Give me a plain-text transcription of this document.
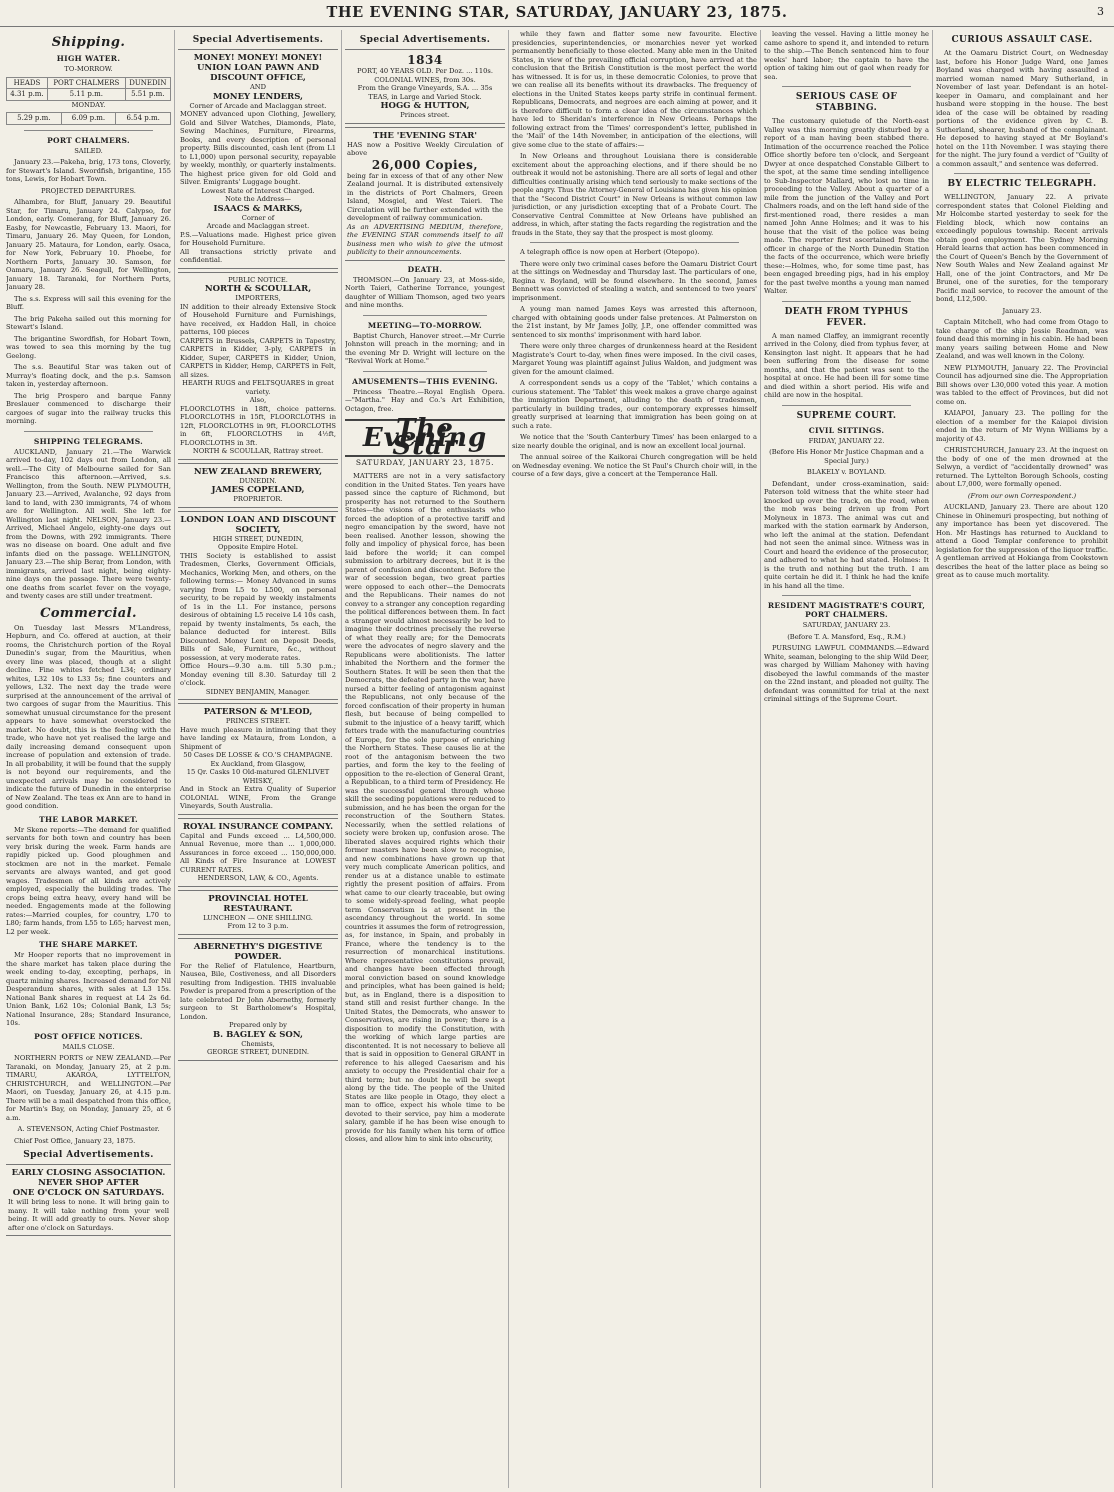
THE EVENING STAR, SATURDAY, JANUARY 23, 1875.	3
Shipping.
HIGH WATER.

TO-MORROW.

HEADS	PORT CHALMERS	DUNEDIN
4.31 p.m.	5.11 p.m.	5.51 p.m.

MONDAY.

5.29 p.m.	6.09 p.m.	6.54 p.m.
PORT CHALMERS.

SAILED.

January 23.—Pakeha, brig, 173 tons, Cloverly, for Stewart's Island. Swordfish, brigantine, 155 tons, Lewis, for Hobart Town.

PROJECTED DEPARTURES.

Alhambra, for Bluff, January 29. Beautiful Star, for Timaru, January 24. Calypso, for London, early. Comerang, for Bluff, January 26. Easby, for Newcastle, February 13. Maori, for Timaru, January 26. May Queen, for London, January 25. Mataura, for London, early. Osaca, for New York, February 10. Phoebe, for Northern Ports, January 30. Samson, for Oamaru, January 26. Seagull, for Wellington, January 18. Taranaki, for Northern Ports, January 28.

The s.s. Express will sail this evening for the Bluff.

The brig Pakeha sailed out this morning for Stewart's Island.

The brigantine Swordfish, for Hobart Town, was towed to sea this morning by the tug Geelong.

The s.s. Beautiful Star was taken out of Murray's floating dock, and the p.s. Samson taken in, yesterday afternoon.

The brig Prospero and barque Fanny Breslauer commenced to discharge their cargoes of sugar into the railway trucks this morning.

SHIPPING TELEGRAMS.

AUCKLAND, January 21.—The Warwick arrived to-day, 102 days out from London, all well.—The City of Melbourne sailed for San Francisco this afternoon.—Arrived, s.s. Wellington, from the South. NEW PLYMOUTH, January 23.—Arrived, Avalanche, 92 days from land to land, with 230 immigrants, 74 of whom are for Wellington. All well. She left for Wellington last night. NELSON, January 23.—Arrived, Michael Angelo, eighty-one days out from the Downs, with 292 immigrants. There was no disease on board. One adult and five infants died on the passage. WELLINGTON, January 23.—The ship Berar, from London, with immigrants, arrived last night, being eighty-nine days on the passage. There were twenty-one deaths from scarlet fever on the voyage, and twenty cases are still under treatment.

Commercial.

On Tuesday last Messrs M'Landress, Hepburn, and Co. offered at auction, at their rooms, the Christchurch portion of the Royal Dunedin's sugar, from the Mauritius, when every line was placed, though at a slight decline. Fine whites fetched L34; ordinary whites, L32 10s to L33 5s; fine counters and yellows, L32. The next day the trade were surprised at the announcement of the arrival of two cargoes of sugar from the Mauritius. This somewhat unusual circumstance for the present appears to have somewhat overstocked the market. No doubt, this is the feeling with the trade, who have not yet realised the large and daily increasing demand consequent upon increase of population and extension of trade. In all probability, it will be found that the supply is not beyond our requirements, and the unexpected arrivals may be considered to indicate the future of Dunedin in the enterprise of New Zealand. The teas ex Ann are to hand in good condition.

THE LABOR MARKET.

Mr Skene reports:—The demand for qualified servants for both town and country has been very brisk during the week. Farm hands are rapidly picked up. Good ploughmen and stockmen are not in the market. Female servants are always wanted, and get good wages. Tradesmen of all kinds are actively employed, especially the building trades. The crops being extra heavy, every hand will be needed. Engagements made at the following rates:—Married couples, for country, L70 to L80; farm hands, from L55 to L65; harvest men, L2 per week.

THE SHARE MARKET.

Mr Hooper reports that no improvement in the share market has taken place during the week ending to-day, excepting, perhaps, in quartz mining shares. Increased demand for Nil Desperandum shares, with sales at L3 15s. National Bank shares in request at L4 2s 6d. Union Bank, L62 10s; Colonial Bank, L3 5s; National Insurance, 28s; Standard Insurance, 10s.

POST OFFICE NOTICES.

MAILS CLOSE.

NORTHERN PORTS or NEW ZEALAND.—Per Taranaki, on Monday, January 25, at 2 p.m. TIMARU, AKAROA, LYTTELTON, CHRISTCHURCH, and WELLINGTON.—Per Maori, on Tuesday, January 26, at 4.15 p.m. There will be a mail despatched from this office, for Martin's Bay, on Monday, January 25, at 6 a.m.

A. STEVENSON, Acting Chief Postmaster.

Chief Post Office, January 23, 1875.

Special Advertisements.
EARLY CLOSING ASSOCIATION.
NEVER SHOP AFTER
ONE O'CLOCK ON SATURDAYS.
It will bring less to none. It will bring gain to many. It will take nothing from your well being. It will add greatly to ours. Never shop after one o'clock on Saturdays.
Special Advertisements.
MONEY! MONEY! MONEY!
UNION LOAN PAWN AND DISCOUNT OFFICE,
AND
MONEY LENDERS,
Corner of Arcade and Maclaggan street.
MONEY advanced upon Clothing, Jewellery, Gold and Silver Watches, Diamonds, Plate, Sewing Machines, Furniture, Firearms, Books, and every description of personal property. Bills discounted, cash lent (from L1 to L1,000) upon personal security, repayable by weekly, monthly, or quarterly instalments. The highest price given for old Gold and Silver. Emigrants' Luggage bought.
Lowest Rate of Interest Charged.
Note the Address—
ISAACS & MARKS,
Corner of
Arcade and Maclaggan street.
P.S.—Valuations made. Highest price given for Household Furniture.
All transactions strictly private and confidential.
PUBLIC NOTICE.
NORTH & SCOULLAR,
IMPORTERS,
IN addition to their already Extensive Stock of Household Furniture and Furnishings, have received, ex Haddon Hall, in choice patterns, 100 pieces
CARPETS in Brussels, CARPETS in Tapestry, CARPETS in Kidder, 3-ply, CARPETS in Kidder, Super, CARPETS in Kidder, Union, CARPETS in Kidder, Hemp, CARPETS in Felt, all sizes.
HEARTH RUGS and FELTSQUARES in great variety.
Also,
FLOORCLOTHS in 18ft, choice patterns. FLOORCLOTHS in 15ft, FLOORCLOTHS in 12ft, FLOORCLOTHS in 9ft, FLOORCLOTHS in 6ft, FLOORCLOTHS in 4½ft, FLOORCLOTHS in 3ft.
NORTH & SCOULLAR, Rattray street.
NEW ZEALAND BREWERY,
DUNEDIN.
JAMES COPELAND,
PROPRIETOR.
LONDON LOAN AND DISCOUNT SOCIETY,
HIGH STREET, DUNEDIN,
Opposite Empire Hotel.
THIS Society is established to assist Tradesmen, Clerks, Government Officials, Mechanics, Working Men, and others, on the following terms:— Money Advanced in sums varying from L5 to L500, on personal security, to be repaid by weekly instalments of 1s in the L1. For instance, persons desirous of obtaining L5 receive L4 10s cash, repaid by twenty instalments, 5s each, the balance deducted for interest. Bills Discounted. Money Lent on Deposit Deeds, Bills of Sale, Furniture, &c., without possession, at very moderate rates.
Office Hours—9.30 a.m. till 5.30 p.m.; Monday evening till 8.30. Saturday till 2 o'clock.
SIDNEY BENJAMIN, Manager.
PATERSON & M'LEOD,
PRINCES STREET.
Have much pleasure in intimating that they have landing ex Mataura, from London, a Shipment of
50 Cases DE LOSSE & CO.'S CHAMPAGNE.
Ex Auckland, from Glasgow,
15 Qr. Casks 10 Old-matured GLENLIVET WHISKY,
And in Stock an Extra Quality of Superior COLONIAL WINE, From the Grange Vineyards, South Australia.
ROYAL INSURANCE COMPANY.
Capital and Funds exceed ... L4,500,000. Annual Revenue, more than ... 1,000,000. Assurances in force exceed ... 150,000,000. All Kinds of Fire Insurance at LOWEST CURRENT RATES.
HENDERSON, LAW, & CO., Agents.
PROVINCIAL HOTEL RESTAURANT.
LUNCHEON — ONE SHILLING.
From 12 to 3 p.m.
ABERNETHY'S DIGESTIVE POWDER.
For the Relief of Flatulence, Heartburn, Nausea, Bile, Costiveness, and all Disorders resulting from Indigestion. THIS invaluable Powder is prepared from a prescription of the late celebrated Dr John Abernethy, formerly surgeon to St Bartholomew's Hospital, London.
Prepared only by
B. BAGLEY & SON,
Chemists,
GEORGE STREET, DUNEDIN.
Special Advertisements.
1834
PORT, 40 YEARS OLD. Per Doz. ... 110s.
COLONIAL WINES, from 30s.
From the Grange Vineyards, S.A. ... 35s
TEAS, in Large and Varied Stock.
HOGG & HUTTON,
Princes street.
THE 'EVENING STAR'
HAS now a Positive Weekly Circulation of above
26,000 Copies,
being far in excess of that of any other New Zealand journal. It is distributed extensively in the districts of Port Chalmers, Green Island, Mosgiel, and West Taieri. The Circulation will be further extended with the development of railway communication.
As an ADVERTISING MEDIUM, therefore, the EVENING STAR commends itself to all business men who wish to give the utmost publicity to their announcements.
DEATH.

THOMSON.—On January 23, at Moss-side, North Taieri, Catherine Torrance, youngest daughter of William Thomson, aged two years and nine months.

MEETING—TO-MORROW.

Baptist Church, Hanover street.—Mr Currie Johnston will preach in the morning; and in the evening Mr D. Wright will lecture on the "Revival Work at Home."

AMUSEMENTS—THIS EVENING.

Princess Theatre.—Royal English Opera.—"Martha." Hay and Co.'s Art Exhibition, Octagon, free.

The Evening Star
SATURDAY, JANUARY 23, 1875.

MATTERS are not in a very satisfactory condition in the United States. Ten years have passed since the capture of Richmond, but prosperity has not returned to the Southern States—the visions of the enthusiasts who forced the adoption of a protective tariff and negro emancipation by the sword, have not been realised. Another lesson, showing the folly and impolicy of physical force, has been laid before the world; it can compel submission to arbitrary decrees, but it is the parent of confusion and discontent. Before the war of secession began, two great parties were opposed to each other—the Democrats and the Republicans. Their names do not convey to a stranger any conception regarding the political differences between them. In fact a stranger would almost necessarily be led to imagine their doctrines precisely the reverse of what they really are; for the Democrats were the advocates of negro slavery and the Republicans were abolitionists. The latter inhabited the Northern and the former the Southern States. It will be seen then that the Democrats, the defeated party in the war, have nursed a bitter feeling of antagonism against the Republicans, not only because of the forced confiscation of their property in human flesh, but because of being compelled to submit to the injustice of a heavy tariff, which fetters trade with the manufacturing countries of Europe, for the sole purpose of enriching the Northern States. These causes lie at the root of the antagonism between the two parties, and form the key to the feeling of opposition to the re-election of General Grant, a Republican, to a third term of Presidency. He was the successful general through whose skill the seceding populations were reduced to submission, and he has been the organ for the reconstruction of the Southern States. Necessarily, when the settled relations of society were broken up, confusion arose. The liberated slaves acquired rights which their former masters have been slow to recognise, and new combinations have grown up that very much complicate American politics, and render us at a distance unable to estimate rightly the present position of affairs. From what came to our clearly traceable, but owing to some widely-spread feeling, what people term Conservatism is at present in the ascendancy throughout the world. In some countries it assumes the form of retrogression, as, for instance, in Spain, and probably in France, where the tendency is to the resurrection of monarchical institutions. Where representative constitutions prevail, and changes have been effected through moral conviction based on sound knowledge and principles, what has been gained is held; but, as in England, there is a disposition to stand still and resist further change. In the United States, the Democrats, who answer to Conservatives, are rising in power; there is a disposition to modify the Constitution, with the working of which large parties are discontented. It is not necessary to believe all that is said in opposition to General GRANT in reference to his alleged Caesarism and his anxiety to occupy the Presidential chair for a third term; but no doubt he will be swept along by the tide. The people of the United States are like people in Otago, they elect a man to office, expect his whole time to be devoted to their service, pay him a moderate salary, gamble if he has been wise enough to provide for his family when his term of office closes, and allow him to sink into obscurity,

while they fawn and flatter some new favourite. Elective presidencies, superintendencies, or monarchies never yet worked permanently beneficially to those elected. Many able men in the United States, in view of the prevailing official corruption, have arrived at the conclusion that the British Constitution is the most perfect the world has witnessed. It is for us, in these democratic Colonies, to prove that we can realise all its benefits without its drawbacks. The frequency of elections in the United States keeps party strife in continual ferment. Republicans, Democrats, and negroes are each aiming at power, and it is therefore difficult to form a clear idea of the circumstances which have led to Sheridan's interference in New Orleans. Perhaps the following extract from the 'Times' correspondent's letter, published in the 'Mail' of the 14th November, in anticipation of the elections, will give some clue to the state of affairs:—

In New Orleans and throughout Louisiana there is considerable excitement about the approaching elections, and if there should be no outbreak it would not be astonishing. There are all sorts of legal and other difficulties continually arising which tend seriously to make sections of the people angry. Thus the Attorney-General of Louisiana has given his opinion that the "Second District Court" in New Orleans is without common law jurisdiction, or any jurisdiction excepting that of a Probate Court. The Conservative Central Committee at New Orleans have published an address, in which, after stating the facts regarding the registration and the frauds in the State, they say that the prospect is most gloomy.

A telegraph office is now open at Herbert (Otepopo).

There were only two criminal cases before the Oamaru District Court at the sittings on Wednesday and Thursday last. The particulars of one, Regina v. Boyland, will be found elsewhere. In the second, James Bennett was convicted of stealing a watch, and sentenced to two years' imprisonment.

A young man named James Keys was arrested this afternoon, charged with obtaining goods under false pretences. At Palmerston on the 21st instant, by Mr James Jolly, J.P., one offender committed was sentenced to six months' imprisonment with hard labor.

There were only three charges of drunkenness heard at the Resident Magistrate's Court to-day, when fines were imposed. In the civil cases, Margaret Young was plaintiff against Julius Waldon, and judgment was given for the amount claimed.

A correspondent sends us a copy of the 'Tablet,' which contains a curious statement. The 'Tablet' this week makes a grave charge against the immigration Department, alluding to the death of tradesmen, particularly in building trades, our contemporary expresses himself greatly surprised at learning that immigration has been going on at such a rate.

We notice that the 'South Canterbury Times' has been enlarged to a size nearly double the original, and is now an excellent local journal.

The annual soiree of the Kaikorai Church congregation will be held on Wednesday evening. We notice the St Paul's Church choir will, in the course of a few days, give a concert at the Temperance Hall.

leaving the vessel. Having a little money he came ashore to spend it, and intended to return to the ship.—The Bench sentenced him to four weeks' hard labor; the captain to have the option of taking him out of gaol when ready for sea.

SERIOUS CASE OF STABBING.

The customary quietude of the North-east Valley was this morning greatly disturbed by a report of a man having been stabbed there. Intimation of the occurrence reached the Police Office shortly before ten o'clock, and Sergeant Dwyer at once despatched Constable Gilbert to the spot, at the same time sending intelligence to Sub-Inspector Mallard, who lost no time in proceeding to the Valley. About a quarter of a mile from the junction of the Valley and Port Chalmers roads, and on the left hand side of the first-mentioned road, there resides a man named John Anne Holmes; and it was to his house that the visit of the police was being made. The reporter first ascertained from the officer in charge of the North Dunedin Station the facts of the occurrence, which were briefly these:—Holmes, who, for some time past, has been engaged breeding pigs, had in his employ for the past twelve months a young man named Walter.

DEATH FROM TYPHUS FEVER.

A man named Claffey, an immigrant recently arrived in the Colony, died from typhus fever, at Kensington last night. It appears that he had been suffering from the disease for some months, and that the patient was sent to the hospital at once. He had been ill for some time and died within a short period. His wife and child are now in the hospital.

SUPREME COURT.
CIVIL SITTINGS.

FRIDAY, JANUARY 22.

(Before His Honor Mr Justice Chapman and a Special Jury.)

BLAKELY v. BOYLAND.

Defendant, under cross-examination, said: Paterson told witness that the white steer had knocked up over the track, on the road, when the mob was being driven up from Port Molyneux in 1873. The animal was cut and marked with the station earmark by Anderson, who left the animal at the station. Defendant had not seen the animal since. Witness was in Court and heard the evidence of the prosecutor, and adhered to what he had stated. Holmes: It is the truth and nothing but the truth. I am quite certain he did it. I think he had the knife in his hand all the time.

RESIDENT MAGISTRATE'S COURT, PORT CHALMERS.

SATURDAY, JANUARY 23.

(Before T. A. Mansford, Esq., R.M.)

PURSUING LAWFUL COMMANDS.—Edward White, seaman, belonging to the ship Wild Deer, was charged by William Mahoney with having disobeyed the lawful commands of the master on the 22nd instant, and pleaded not guilty. The defendant was committed for trial at the next criminal sittings of the Supreme Court.

CURIOUS ASSAULT CASE.

At the Oamaru District Court, on Wednesday last, before his Honor Judge Ward, one James Boyland was charged with having assaulted a married woman named Mary Sutherland, in November of last year. Defendant is an hotel-keeper in Oamaru, and complainant and her husband were stopping in the house. The best idea of the case will be obtained by reading portions of the evidence given by C. B. Sutherland, shearer, husband of the complainant. He deposed to having stayed at Mr Boyland's hotel on the 11th November. I was staying there for the night. The jury found a verdict of "Guilty of a common assault," and sentence was deferred.

BY ELECTRIC TELEGRAPH.

WELLINGTON, January 22. A private correspondent states that Colonel Fielding and Mr Holcombe started yesterday to seek for the Fielding block, which now contains an exceedingly populous township. Recent arrivals obtain good employment. The Sydney Morning Herald learns that action has been commenced in the Court of Queen's Bench by the Government of New South Wales and New Zealand against Mr Hall, one of the joint Contractors, and Mr De Brunei, one of the sureties, for the temporary Pacific mail service, to recover the amount of the bond, L12,500.

January 23.

Captain Mitchell, who had come from Otago to take charge of the ship Jessie Readman, was found dead this morning in his cabin. He had been many years sailing between Home and New Zealand, and was well known in the Colony.

NEW PLYMOUTH, January 22. The Provincial Council has adjourned sine die. The Appropriation Bill shows over L30,000 voted this year. A motion was tabled to the effect of Provinces, but did not come on.

KAIAPOI, January 23. The polling for the election of a member for the Kaiapoi division ended in the return of Mr Wynn Williams by a majority of 43.

CHRISTCHURCH, January 23. At the inquest on the body of one of the men drowned at the Selwyn, a verdict of "accidentally drowned" was returned. The Lyttelton Borough Schools, costing about L7,000, were formally opened.

(From our own Correspondent.)

AUCKLAND, January 23. There are about 120 Chinese in Ohinemuri prospecting, but nothing of any importance has been yet discovered. The Hon. Mr Hastings has returned to Auckland to attend a Good Templar conference to prohibit legislation for the suppression of the liquor traffic. A gentleman arrived at Hokianga from Cookstown describes the heat of the latter place as being so great as to cause much mortality.
